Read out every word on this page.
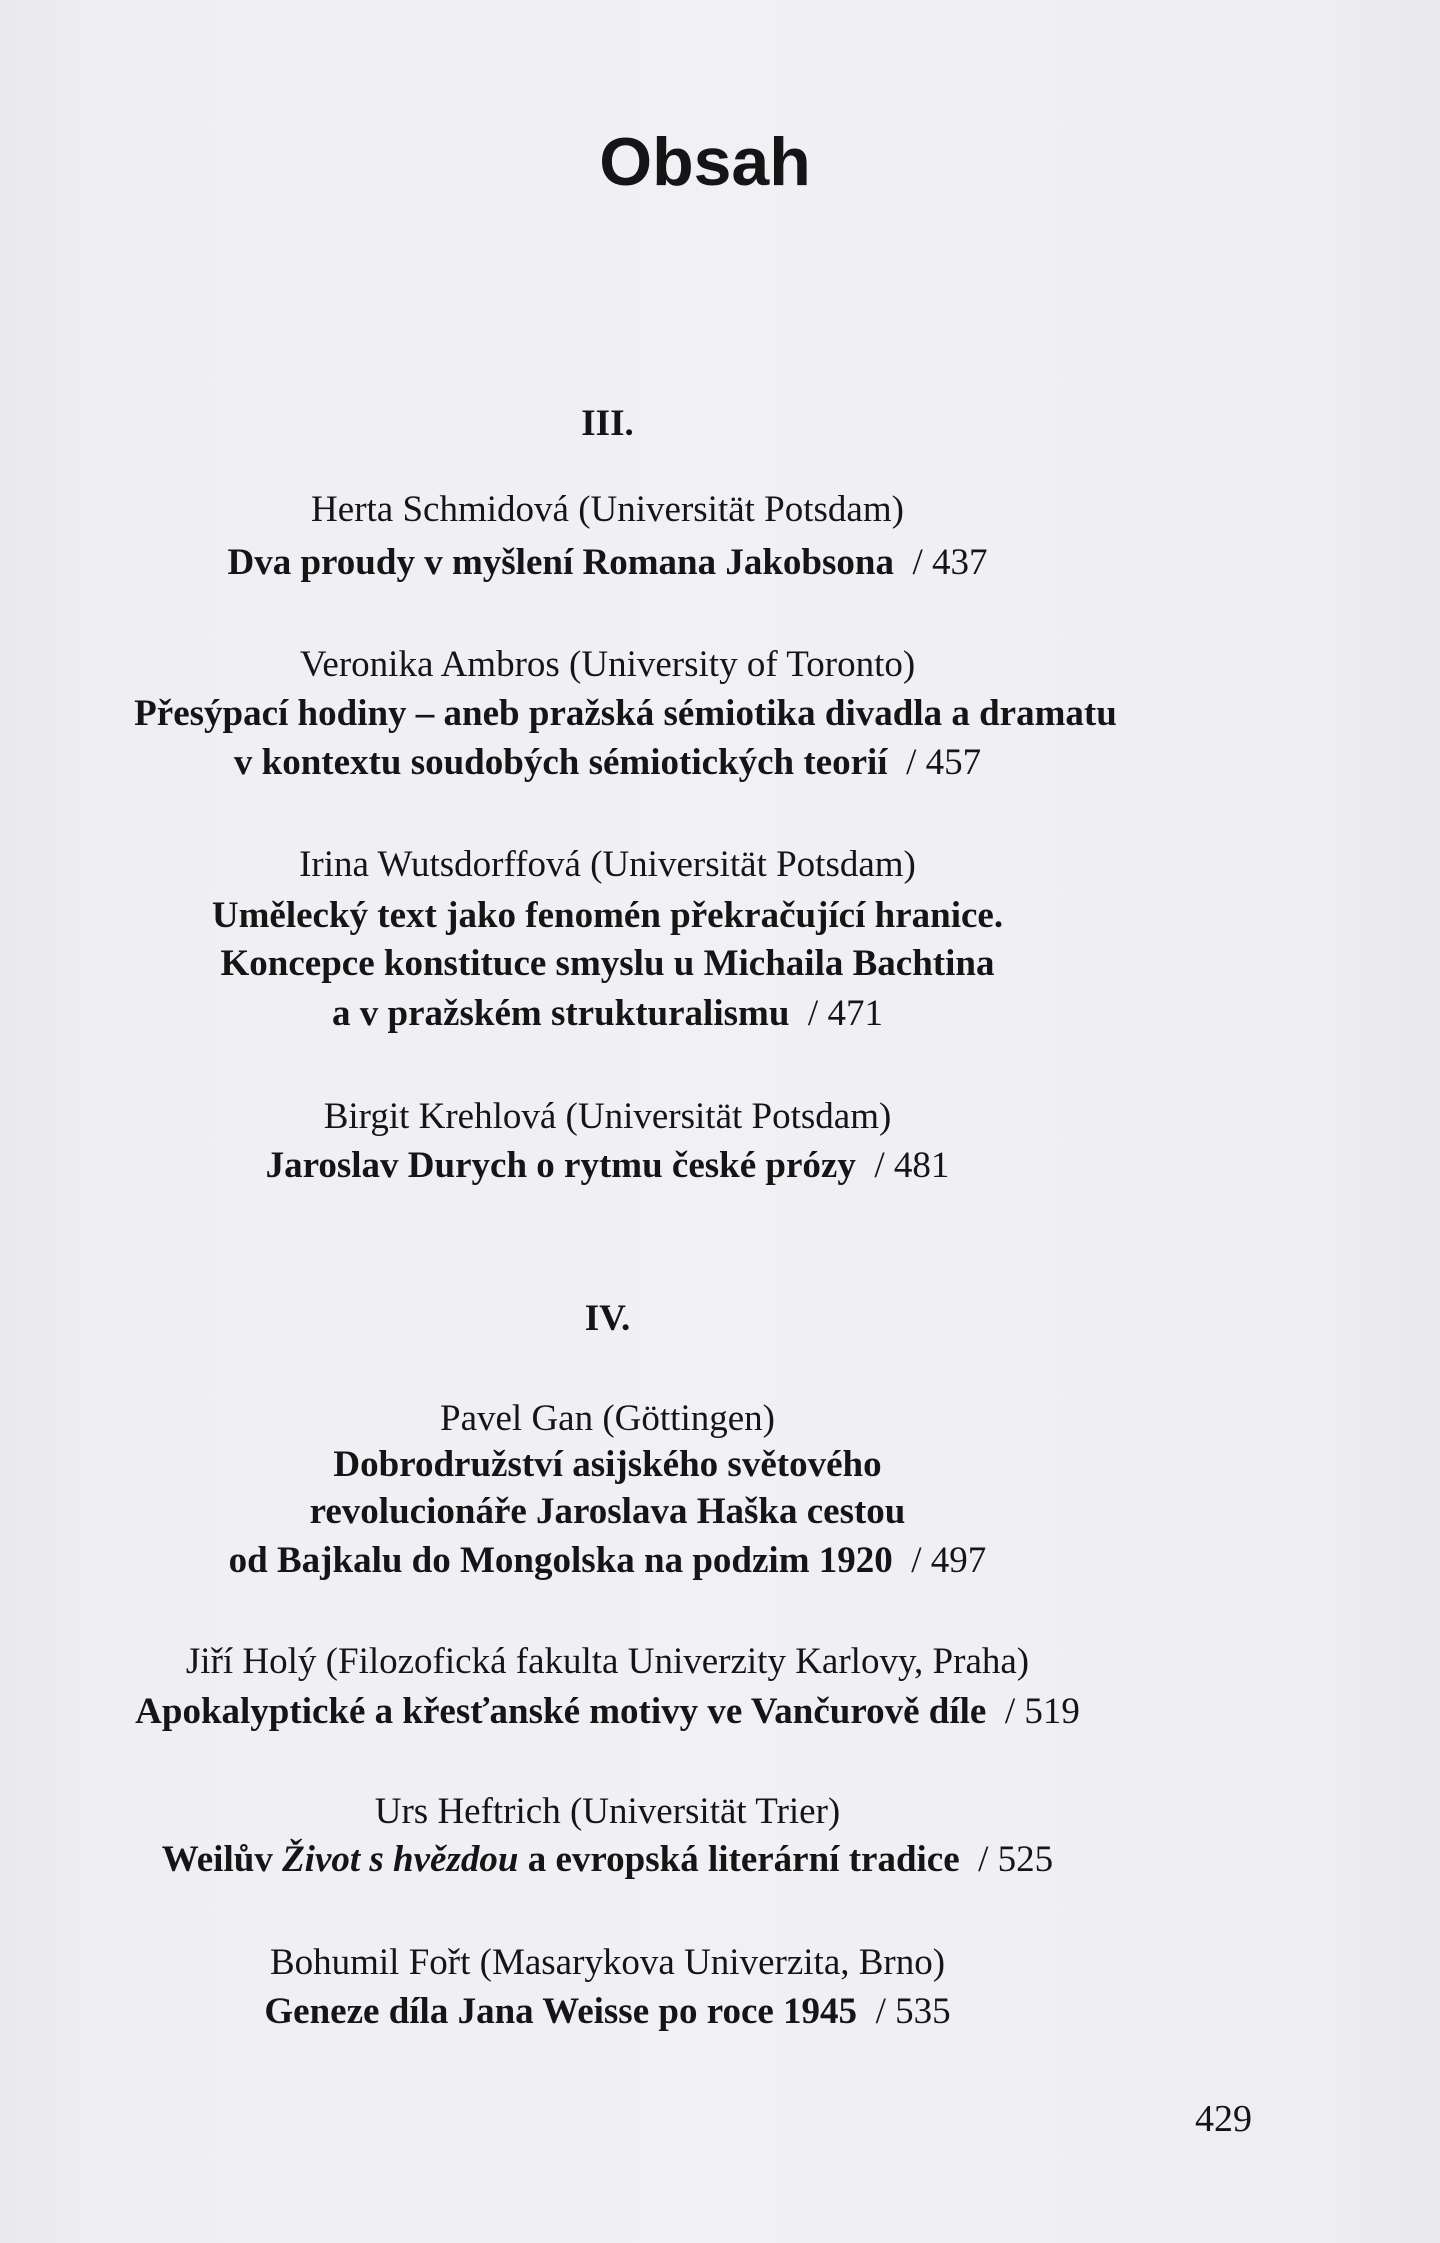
Obsah
III.
Herta Schmidová (Universität Potsdam)
Dva proudy v myšlení Romana Jakobsona / 437
Veronika Ambros (University of Toronto)
Přesýpací hodiny – aneb pražská sémiotika divadla a dramatu
v kontextu soudobých sémiotických teorií / 457
Irina Wutsdorffová (Universität Potsdam)
Umělecký text jako fenomén překračující hranice.
Koncepce konstituce smyslu u Michaila Bachtina
a v pražském strukturalismu / 471
Birgit Krehlová (Universität Potsdam)
Jaroslav Durych o rytmu české prózy / 481
IV.
Pavel Gan (Göttingen)
Dobrodružství asijského světového
revolucionáře Jaroslava Haška cestou
od Bajkalu do Mongolska na podzim 1920 / 497
Jiří Holý (Filozofická fakulta Univerzity Karlovy, Praha)
Apokalyptické a křesťanské motivy ve Vančurově díle / 519
Urs Heftrich (Universität Trier)
Weilův Život s hvězdou a evropská literární tradice / 525
Bohumil Fořt (Masarykova Univerzita, Brno)
Geneze díla Jana Weisse po roce 1945 / 535
429
